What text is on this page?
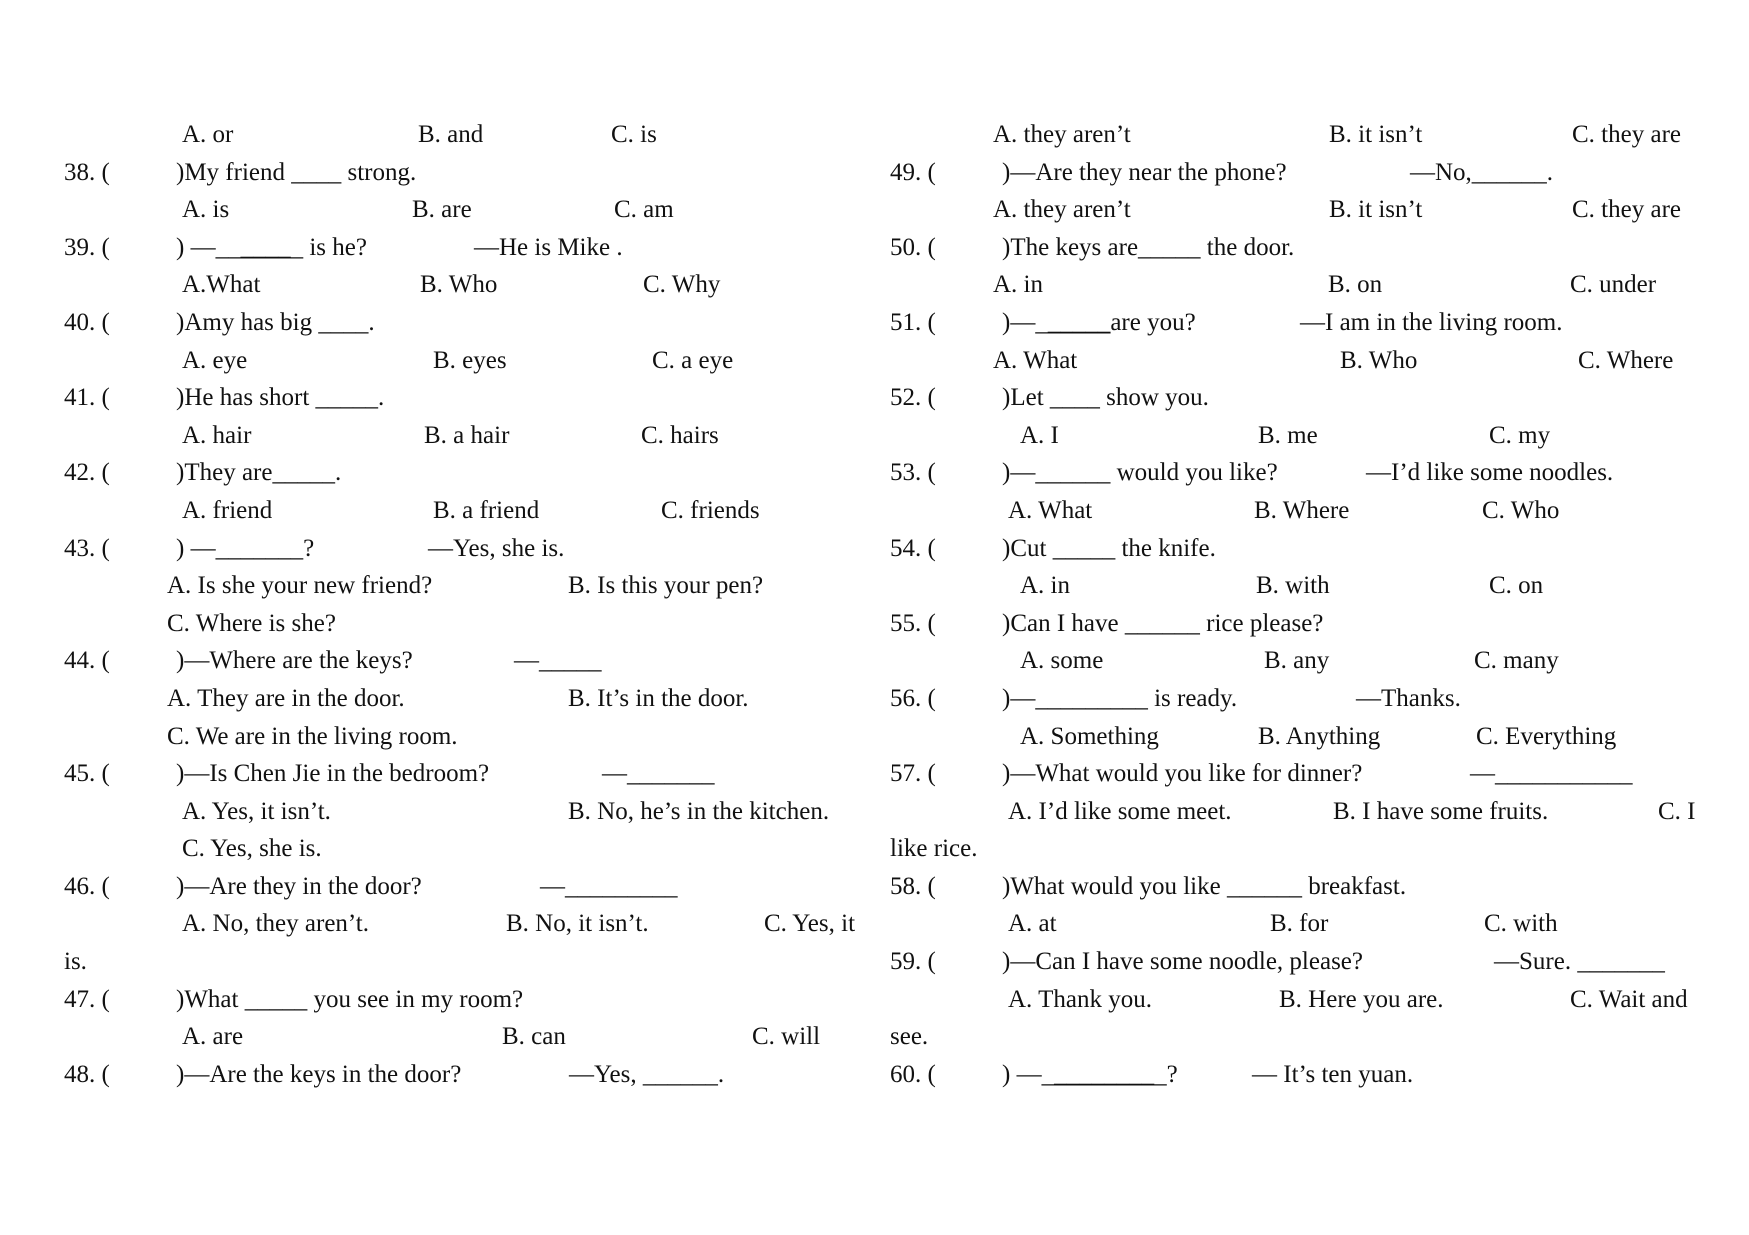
A. or

	B. and

	C. is

38. (

	)My friend ____ strong.

A. is

	B. are

	C. am

39. (

	) —_______ is he?

	—He is Mike .

A.What

	B. Who

	C. Why

40. (

	)Amy has big ____.

A. eye

	B. eyes

	C. a eye

41. (

	)He has short _____.

A. hair

	B. a hair

	C. hairs

42. (

	)They are_____.

A. friend

	B. a friend

	C. friends

43. (

	) —_______?

	—Yes, she is.

A. Is she your new friend?

	B. Is this your pen?

C. Where is she?

44. (

	)—Where are the keys?

	—_____

A. They are in the door.

	B. It’s in the door.

C. We are in the living room.

45. (

	)—Is Chen Jie in the bedroom?

	—_______

A. Yes, it isn’t.

	B. No, he’s in the kitchen.

C. Yes, she is.

46. (

	)—Are they in the door?

	—_________

A. No, they aren’t.

	B. No, it isn’t.

	C. Yes, it

is.

47. (

	)What _____ you see in my room?

A. are

	B. can

	C. will

48. (

	)—Are the keys in the door?

	—Yes, ______.

A. they aren’t

	B. it isn’t

	C. they are

49. (

	)—Are they near the phone?

	—No,______.

A. they aren’t

	B. it isn’t

	C. they are

50. (

	)The keys are_____ the door.

A. in

	B. on

	C. under

51. (

	)—______are you?

	—I am in the living room.

A. What

	B. Who

	C. Where

52. (

	)Let ____ show you.

A. I

	B. me

	C. my

53. (

	)—______ would you like?

	—I’d like some noodles.

A. What

	B. Where

	C. Who

54. (

	)Cut _____ the knife.

A. in

	B. with

	C. on

55. (

	)Can I have ______ rice please?

A. some

	B. any

	C. many

56. (

	)—_________ is ready.

	—Thanks.

A. Something

	B. Anything

	C. Everything

57. (

	)—What would you like for dinner?

	—___________

A. I’d like some meet.

	B. I have some fruits.

	C. I

like rice.

58. (

	)What would you like ______ breakfast.

A. at

	B. for

	C. with

59. (

	)—Can I have some noodle, please?

	—Sure. _______

A. Thank you.

	B. Here you are.

	C. Wait and

see.

60. (

	) —__________?

	— It’s ten yuan.
